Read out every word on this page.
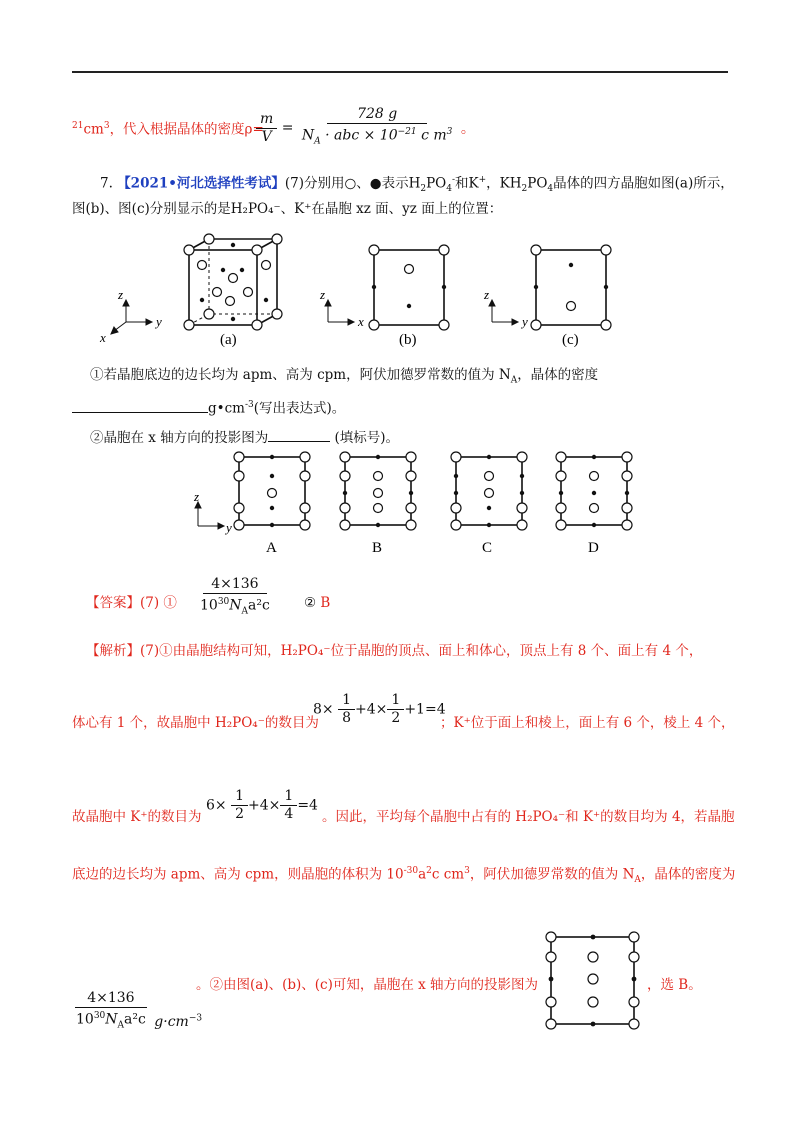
$^{21}cm^3$，代入根据晶体的密度ρ=
$\frac{m}{V} = \frac{728 g}{N_A \cdot abc \times 10^{-21} c m^3}$ 。
7. 【2021•河北选择性考试】(7)分别用○、●表示$H_2PO_4^-$和K+，$KH_2PO_4$晶体的四方晶胞如图(a)所示，
图(b)、图(c)分别显示的是H₂PO₄⁻、K⁺在晶胞 xz 面、yz 面上的位置：
z
y
x	(a)
z
x
(b)
z
y
(c)
①若晶胞底边的边长均为 apm、高为 cpm，阿伏加德罗常数的值为 $N_A$，晶体的密度
$g•cm^{-3}$(写出表达式)。
②晶胞在 x 轴方向的投影图为	(填标号)。
z
y
A	B	C	D
【答案】(7) ① $\frac{4\times 136}{10^{30}N_Aa^2c}$ ② B
【解析】(7)①由晶胞结构可知，H₂PO₄⁻位于晶胞的顶点、面上和体心，顶点上有 8 个、面上有 4 个，
体心有 1 个，故晶胞中 H₂PO₄⁻的数目为
$8\times \frac{1}{8} +4\times \frac{1}{2} +1=4$
；K⁺位于面上和棱上，面上有 6 个，棱上 4 个，
故晶胞中 K⁺的数目为
$6\times \frac{1}{2} +4\times \frac{1}{4} =4$
。因此，平均每个晶胞中占有的 H₂PO₄⁻和 K⁺的数目均为 4，若晶胞
底边的边长均为 apm、高为 cpm，则晶胞的体积为 $10^{-30}a^2c$ $cm^3$，阿伏加德罗常数的值为 $N_A$，晶体的密度为
。②由图(a)、(b)、(c)可知，晶胞在 x 轴方向的投影图为	，选 B。
$\frac{4\times 136}{10^{30}N_Aa^2c} g\cdot cm^{-3}$
